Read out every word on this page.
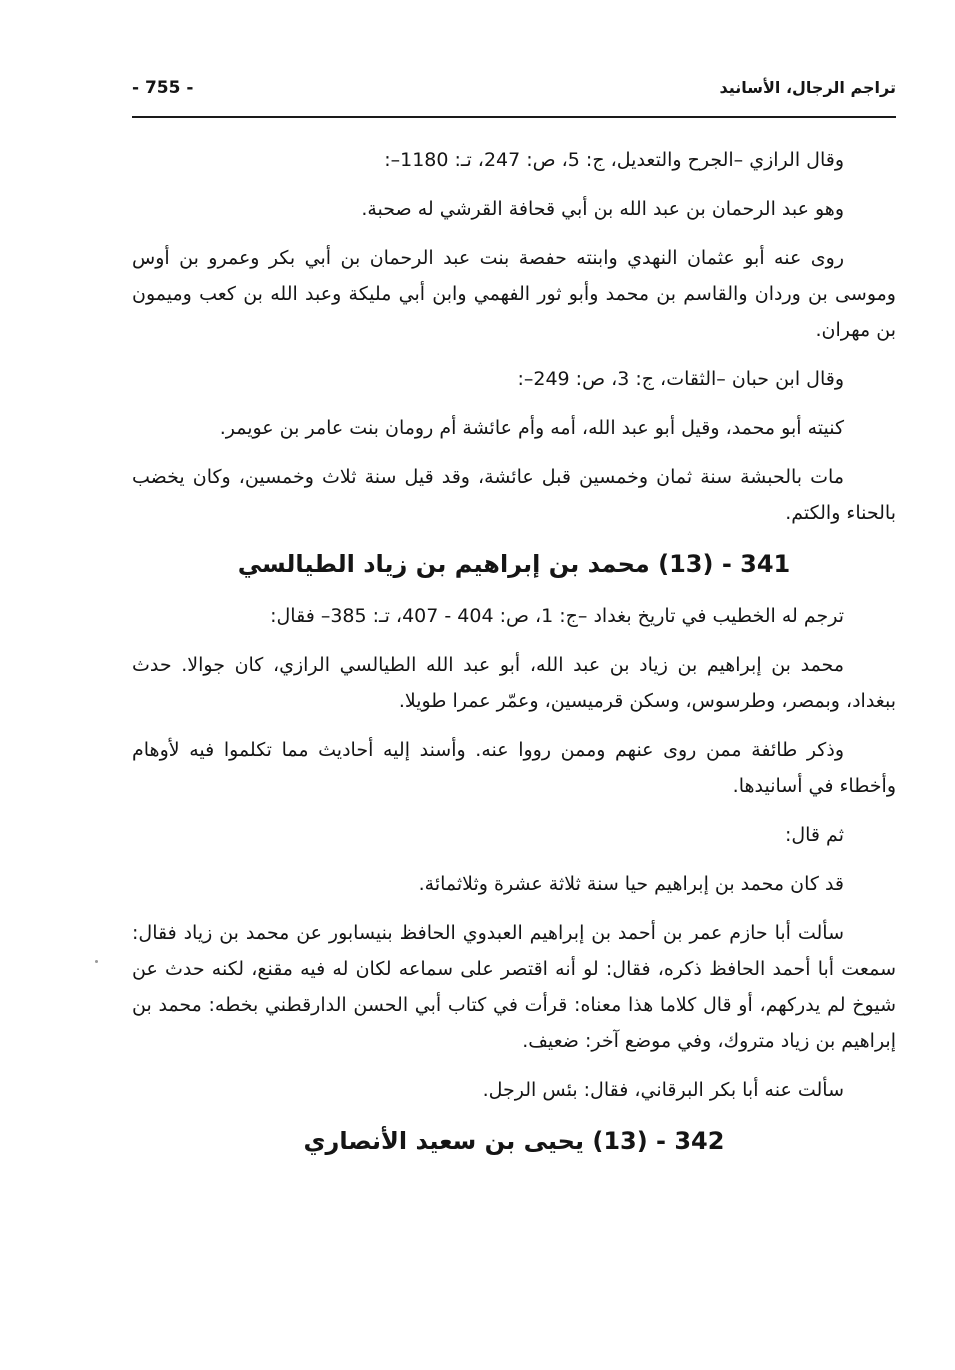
تراجم الرجال، الأسانيد
- 755 -

وقال الرازي –الجرح والتعديل، ج: 5، ص: 247، تـ: 1180–:

وهو عبد الرحمان بن عبد الله بن أبي قحافة القرشي له صحبة.

روى عنه أبو عثمان النهدي وابنته حفصة بنت عبد الرحمان بن أبي بكر وعمرو بن أوس وموسى بن وردان والقاسم بن محمد وأبو ثور الفهمي وابن أبي مليكة وعبد الله بن كعب وميمون بن مهران.

وقال ابن حبان –الثقات، ج: 3، ص: 249–:

كنيته أبو محمد، وقيل أبو عبد الله، أمه وأم عائشة أم رومان بنت عامر بن عويمر.

مات بالحبشة سنة ثمان وخمسين قبل عائشة، وقد قيل سنة ثلاث وخمسين، وكان يخضب بالحناء والكتم.

341 - (13) محمد بن إبراهيم بن زياد الطيالسي

ترجم له الخطيب في تاريخ بغداد –ج: 1، ص: 404 - 407، تـ: 385– فقال:

محمد بن إبراهيم بن زياد بن عبد الله، أبو عبد الله الطيالسي الرازي، كان جوالا. حدث ببغداد، وبمصر، وطرسوس، وسكن قرميسين، وعمّر عمرا طويلا.

وذكر طائفة ممن روى عنهم وممن رووا عنه. وأسند إليه أحاديث مما تكلموا فيه لأوهام وأخطاء في أسانيدها.

ثم قال:

قد كان محمد بن إبراهيم حيا سنة ثلاثة عشرة وثلاثمائة.

سألت أبا حازم عمر بن أحمد بن إبراهيم العبدوي الحافظ بنيسابور عن محمد بن زياد فقال: سمعت أبا أحمد الحافظ ذكره، فقال: لو أنه اقتصر على سماعه لكان له فيه مقنع، لكنه حدث عن شيوخ لم يدركهم، أو قال كلاما هذا معناه: قرأت في كتاب أبي الحسن الدارقطني بخطه: محمد بن إبراهيم بن زياد متروك، وفي موضع آخر: ضعيف.

سألت عنه أبا بكر البرقاني، فقال: بئس الرجل.

342 - (13) يحيى بن سعيد الأنصاري
